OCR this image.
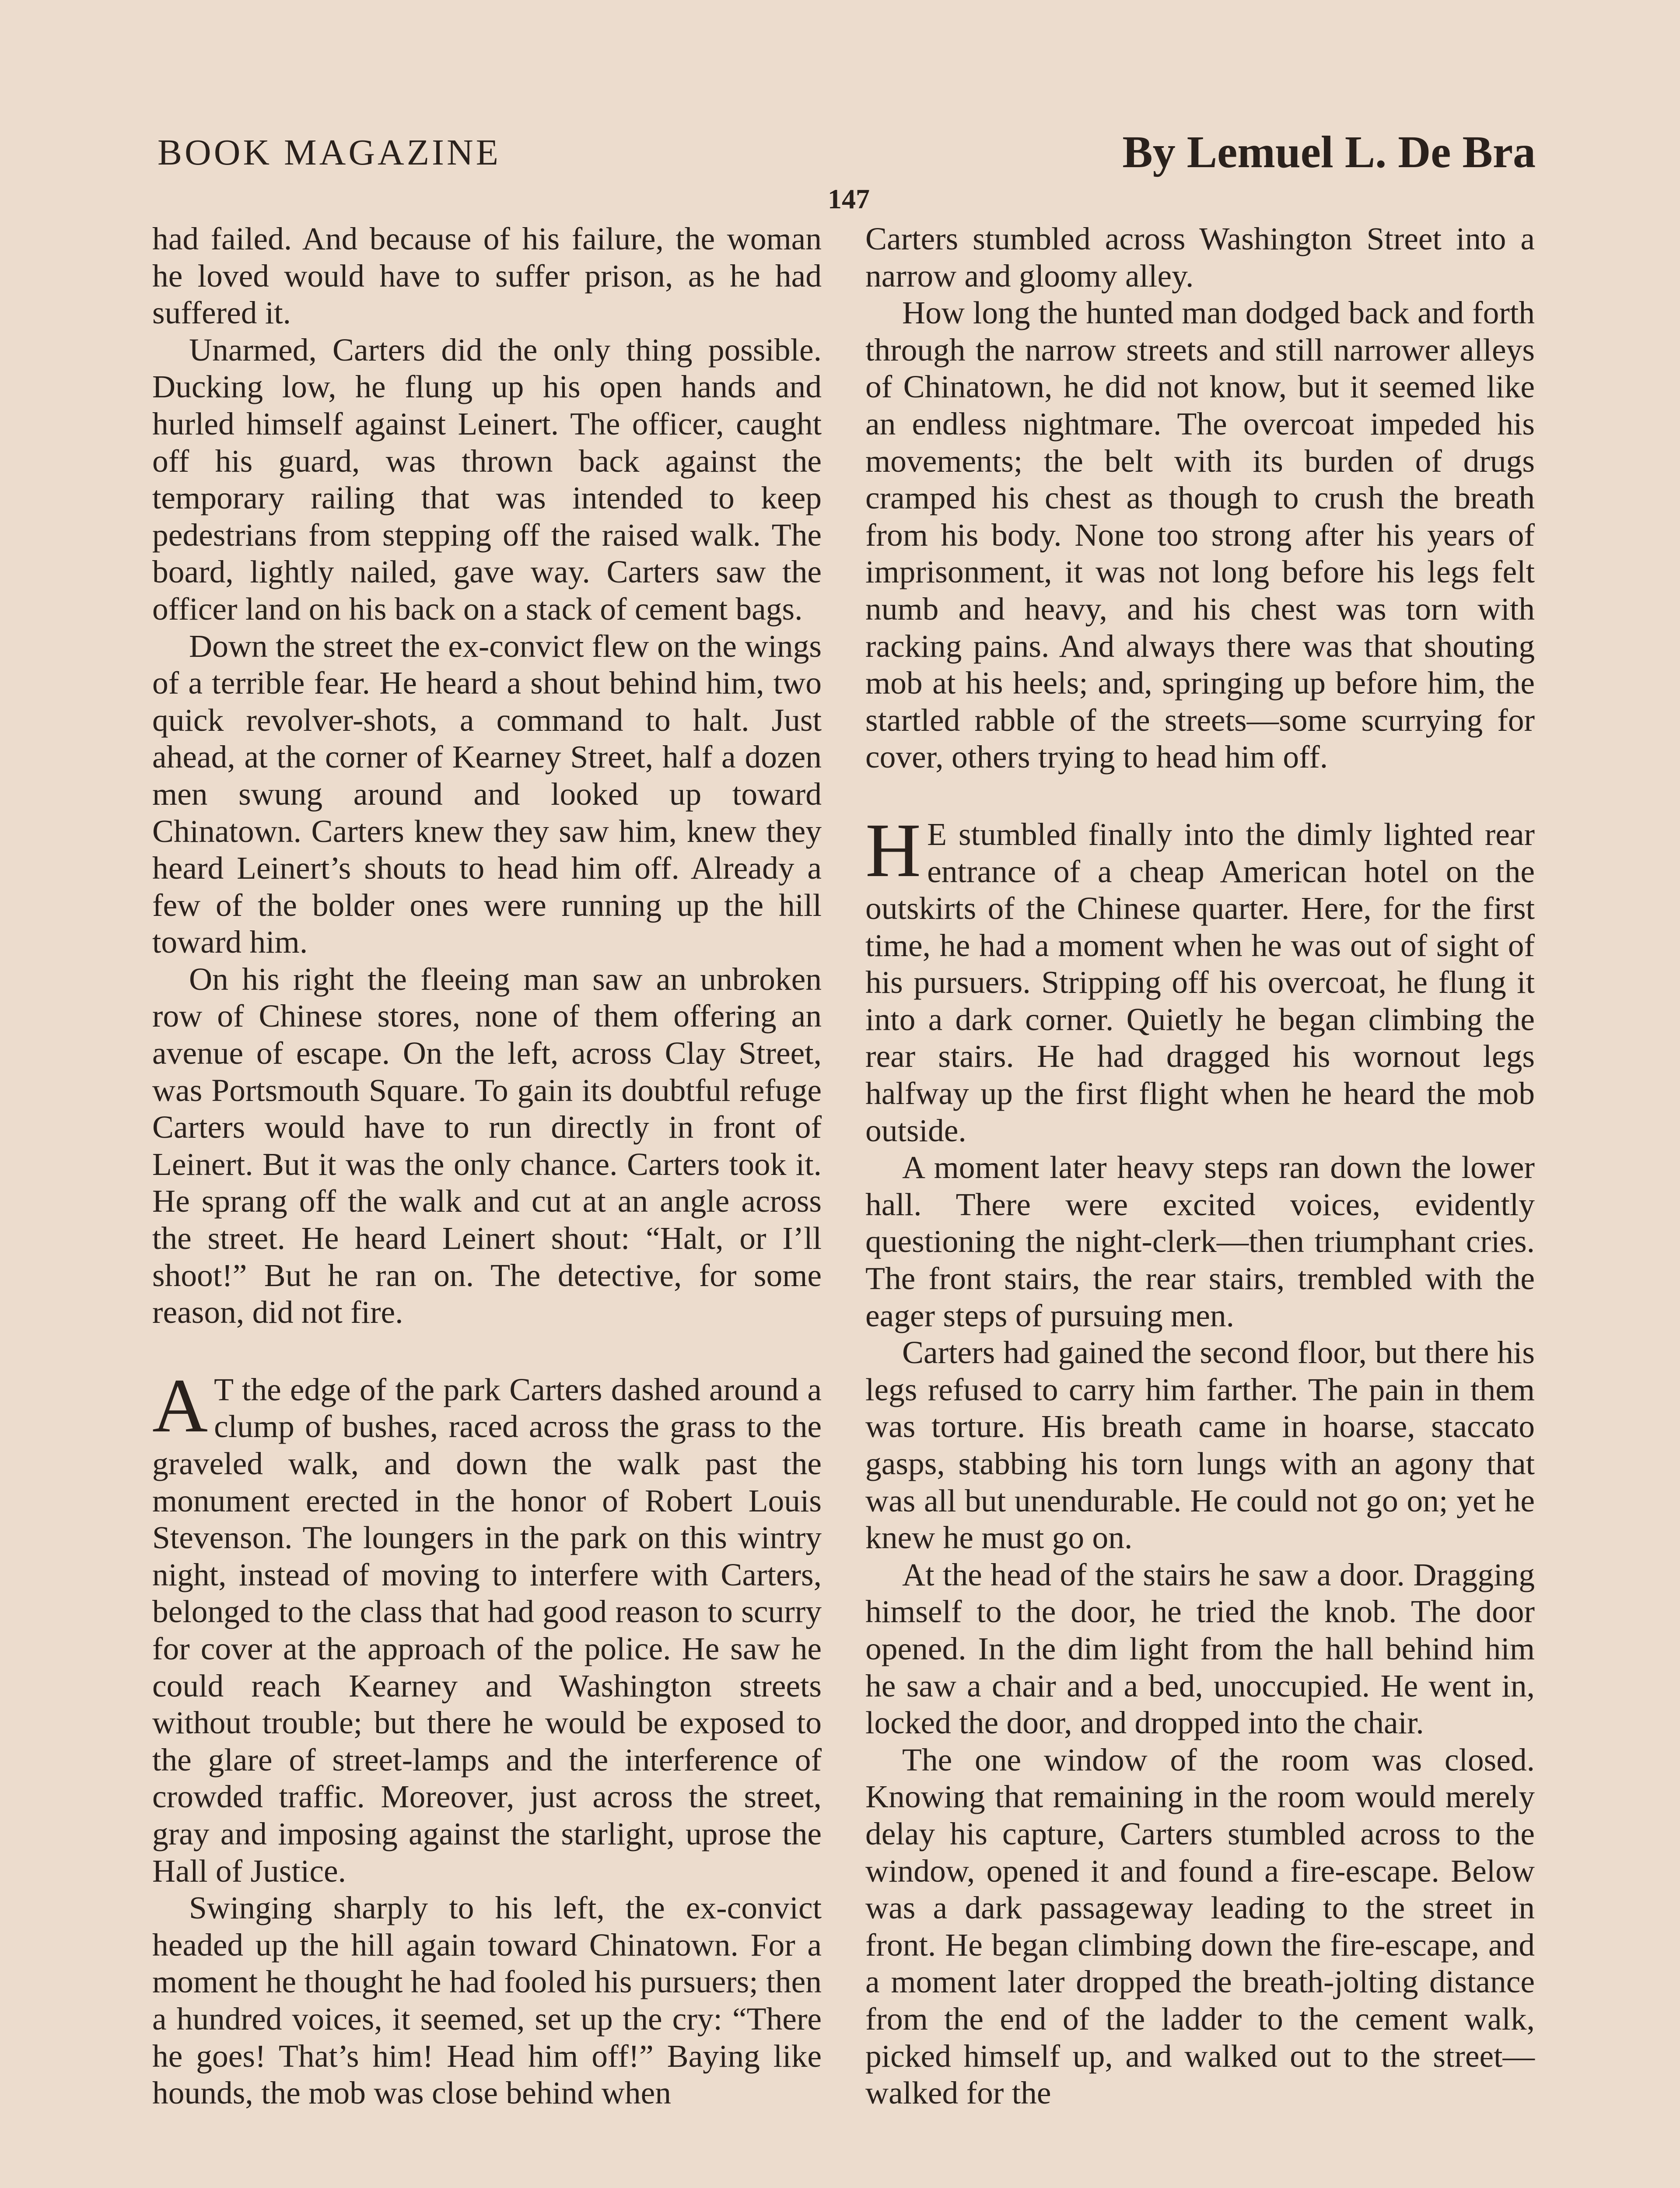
BOOK MAGAZINE	By Lemuel L. De Bra
147

had failed. And because of his failure, the woman he loved would have to suffer prison, as he had suffered it.

Unarmed, Carters did the only thing possible. Ducking low, he flung up his open hands and hurled himself against Leinert. The officer, caught off his guard, was thrown back against the temporary railing that was intended to keep pedestrians from stepping off the raised walk. The board, lightly nailed, gave way. Carters saw the officer land on his back on a stack of cement bags.

Down the street the ex-convict flew on the wings of a terrible fear. He heard a shout behind him, two quick revolver-shots, a command to halt. Just ahead, at the corner of Kearney Street, half a dozen men swung around and looked up toward Chinatown. Carters knew they saw him, knew they heard Leinert’s shouts to head him off. Already a few of the bolder ones were running up the hill toward him.

On his right the fleeing man saw an unbroken row of Chinese stores, none of them offering an avenue of escape. On the left, across Clay Street, was Portsmouth Square. To gain its doubtful refuge Carters would have to run directly in front of Leinert. But it was the only chance. Carters took it. He sprang off the walk and cut at an angle across the street. He heard Leinert shout: “Halt, or I’ll shoot!” But he ran on. The detective, for some reason, did not fire.

A T the edge of the park Carters dashed around a clump of bushes, raced across the grass to the graveled walk, and down the walk past the monument erected in the honor of Robert Louis Stevenson. The loungers in the park on this wintry night, instead of moving to interfere with Carters, belonged to the class that had good reason to scurry for cover at the approach of the police. He saw he could reach Kearney and Washington streets without trouble; but there he would be exposed to the glare of street-lamps and the interference of crowded traffic. Moreover, just across the street, gray and imposing against the starlight, uprose the Hall of Justice.

Swinging sharply to his left, the ex-convict headed up the hill again toward Chinatown. For a moment he thought he had fooled his pursuers; then a hundred voices, it seemed, set up the cry: “There he goes! That’s him! Head him off!” Baying like hounds, the mob was close behind when

Carters stumbled across Washington Street into a narrow and gloomy alley.

How long the hunted man dodged back and forth through the narrow streets and still narrower alleys of Chinatown, he did not know, but it seemed like an endless nightmare. The overcoat impeded his movements; the belt with its burden of drugs cramped his chest as though to crush the breath from his body. None too strong after his years of imprisonment, it was not long before his legs felt numb and heavy, and his chest was torn with racking pains. And always there was that shouting mob at his heels; and, springing up before him, the startled rabble of the streets—some scurrying for cover, others trying to head him off.

H E stumbled finally into the dimly lighted rear entrance of a cheap American hotel on the outskirts of the Chinese quarter. Here, for the first time, he had a moment when he was out of sight of his pursuers. Stripping off his overcoat, he flung it into a dark corner. Quietly he began climbing the rear stairs. He had dragged his wornout legs halfway up the first flight when he heard the mob outside.

A moment later heavy steps ran down the lower hall. There were excited voices, evidently questioning the night-clerk—then triumphant cries. The front stairs, the rear stairs, trembled with the eager steps of pursuing men.

Carters had gained the second floor, but there his legs refused to carry him farther. The pain in them was torture. His breath came in hoarse, staccato gasps, stabbing his torn lungs with an agony that was all but unendurable. He could not go on; yet he knew he must go on.

At the head of the stairs he saw a door. Dragging himself to the door, he tried the knob. The door opened. In the dim light from the hall behind him he saw a chair and a bed, unoccupied. He went in, locked the door, and dropped into the chair.

The one window of the room was closed. Knowing that remaining in the room would merely delay his capture, Carters stumbled across to the window, opened it and found a fire-escape. Below was a dark passageway leading to the street in front. He began climbing down the fire-escape, and a moment later dropped the breath-jolting distance from the end of the ladder to the cement walk, picked himself up, and walked out to the street—walked for the
